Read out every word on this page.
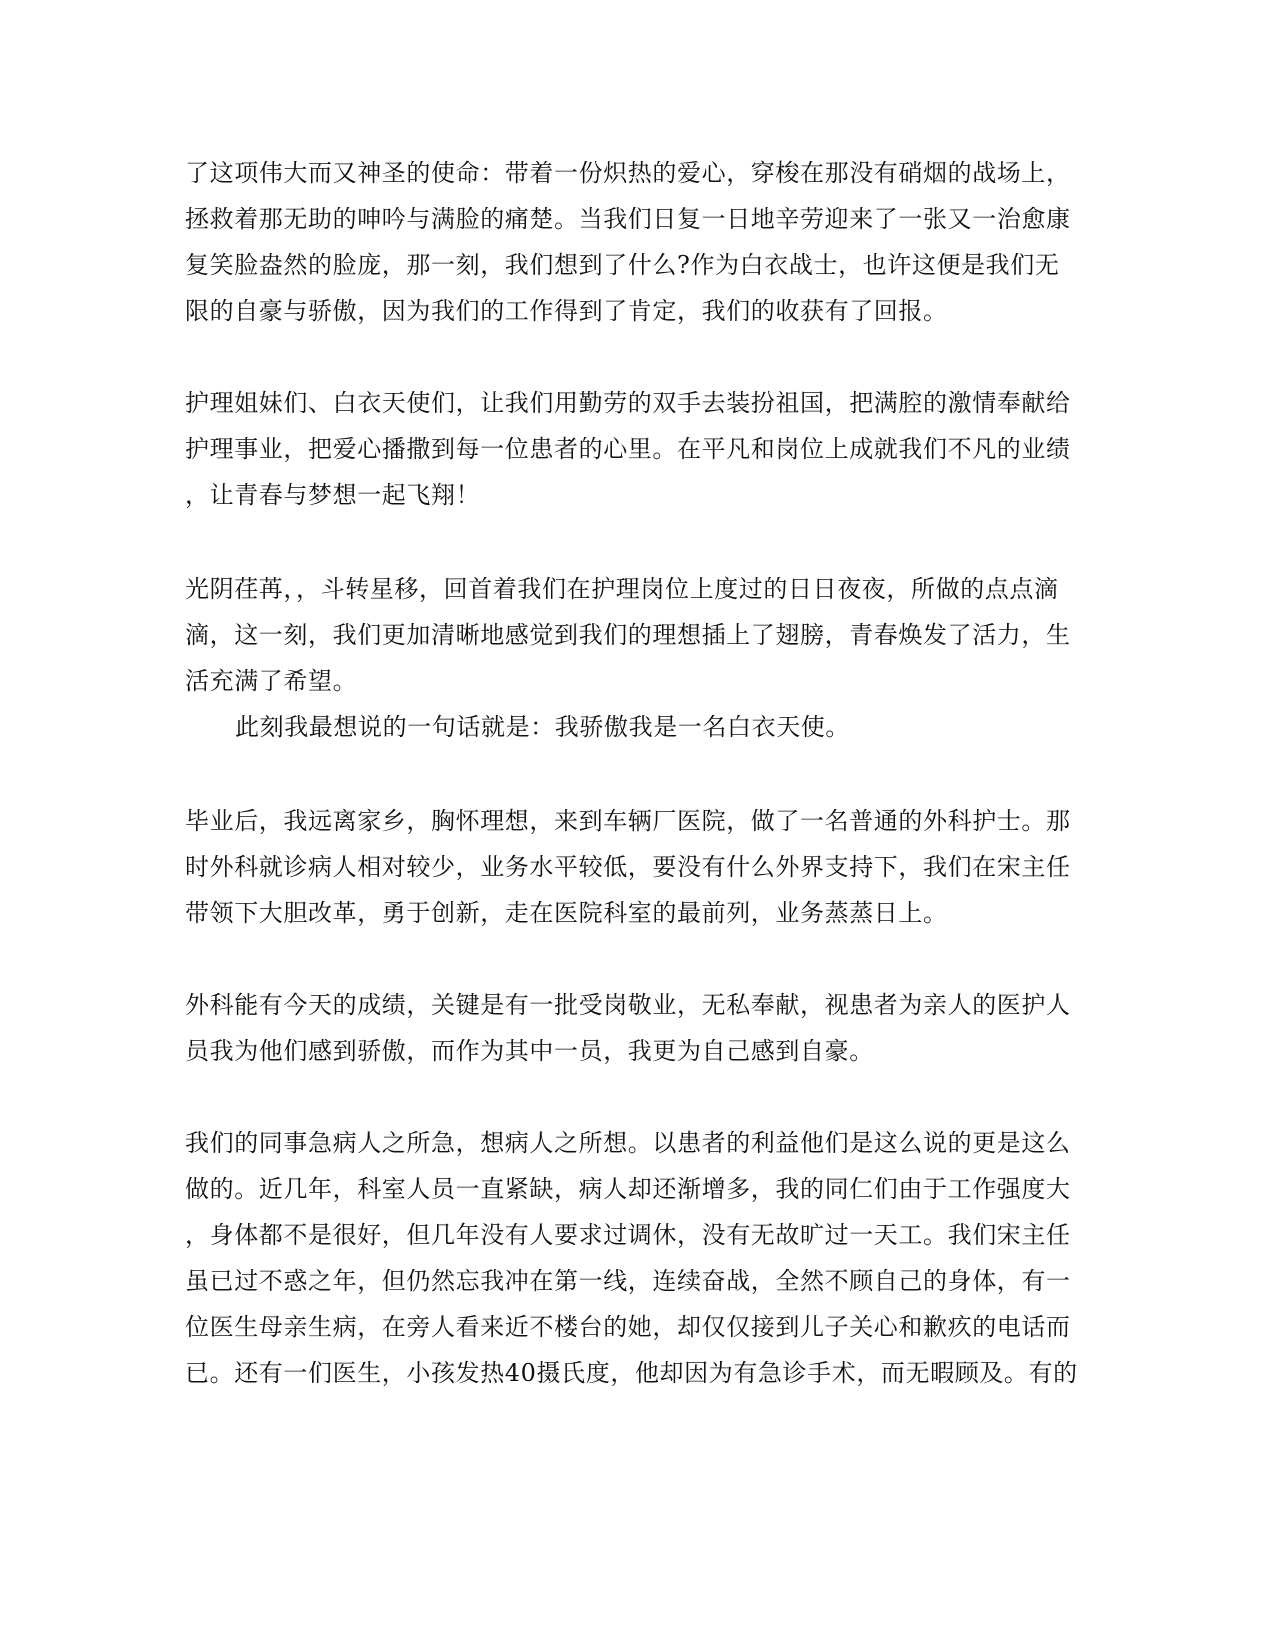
了这项伟大而又神圣的使命：带着一份炽热的爱心，穿梭在那没有硝烟的战场上，
拯救着那无助的呻吟与满脸的痛楚。当我们日复一日地辛劳迎来了一张又一治愈康
复笑脸盎然的脸庞，那一刻，我们想到了什么?作为白衣战士，也许这便是我们无
限的自豪与骄傲，因为我们的工作得到了肯定，我们的收获有了回报。
护理姐妹们、白衣天使们，让我们用勤劳的双手去装扮祖国，把满腔的激情奉献给
护理事业，把爱心播撒到每一位患者的心里。在平凡和岗位上成就我们不凡的业绩
，让青春与梦想一起飞翔！
光阴荏苒，，斗转星移，回首着我们在护理岗位上度过的日日夜夜，所做的点点滴
滴，这一刻，我们更加清晰地感觉到我们的理想插上了翅膀，青春焕发了活力，生
活充满了希望。
此刻我最想说的一句话就是：我骄傲我是一名白衣天使。
毕业后，我远离家乡，胸怀理想，来到车辆厂医院，做了一名普通的外科护士。那
时外科就诊病人相对较少，业务水平较低，要没有什么外界支持下，我们在宋主任
带领下大胆改革，勇于创新，走在医院科室的最前列，业务蒸蒸日上。
外科能有今天的成绩，关键是有一批受岗敬业，无私奉献，视患者为亲人的医护人
员我为他们感到骄傲，而作为其中一员，我更为自己感到自豪。
我们的同事急病人之所急，想病人之所想。以患者的利益他们是这么说的更是这么
做的。近几年，科室人员一直紧缺，病人却还渐增多，我的同仁们由于工作强度大
，身体都不是很好，但几年没有人要求过调休，没有无故旷过一天工。我们宋主任
虽已过不惑之年，但仍然忘我冲在第一线，连续奋战，全然不顾自己的身体，有一
位医生母亲生病，在旁人看来近不楼台的她，却仅仅接到儿子关心和歉疚的电话而
已。还有一们医生，小孩发热40摄氏度，他却因为有急诊手术，而无暇顾及。有的
